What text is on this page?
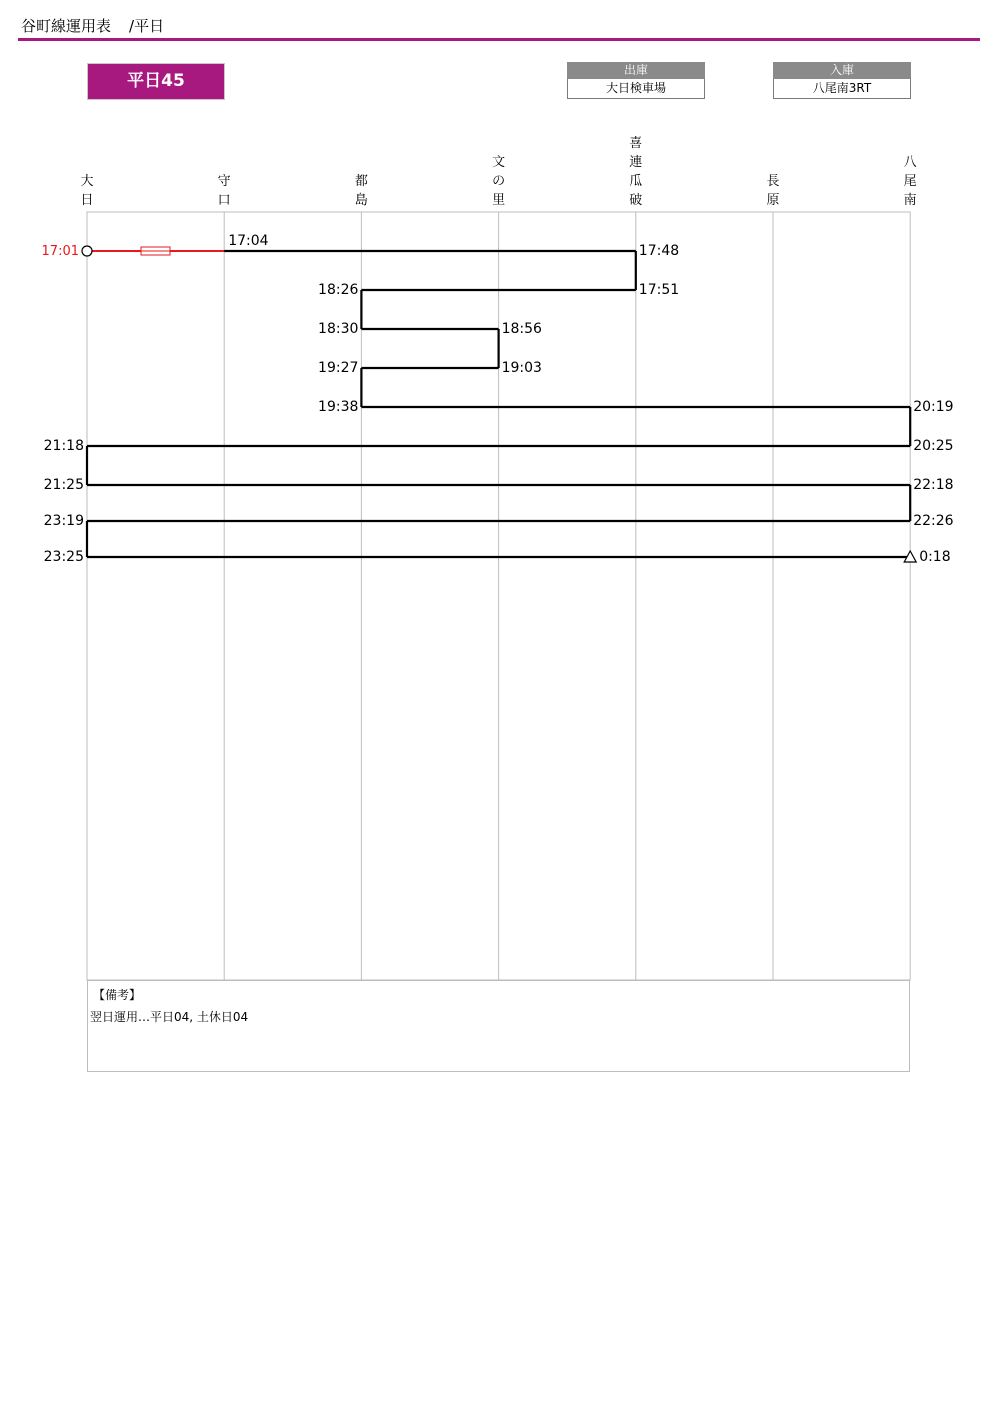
谷町線運用表 /平日
平日45
出庫
大日検車場
入庫
八尾南3RT
大
日
守
口
都
島
文
の
里
喜
連
瓜
破
長
原
八
尾
南
17:01
17:04
17:48
17:51
18:26
18:30	18:56
19:03
19:27
19:38	20:19
20:25
21:18
21:25	22:18
22:26
23:19
23:25	0:18
【備考】
翌日運用…平日04, 土休日04
